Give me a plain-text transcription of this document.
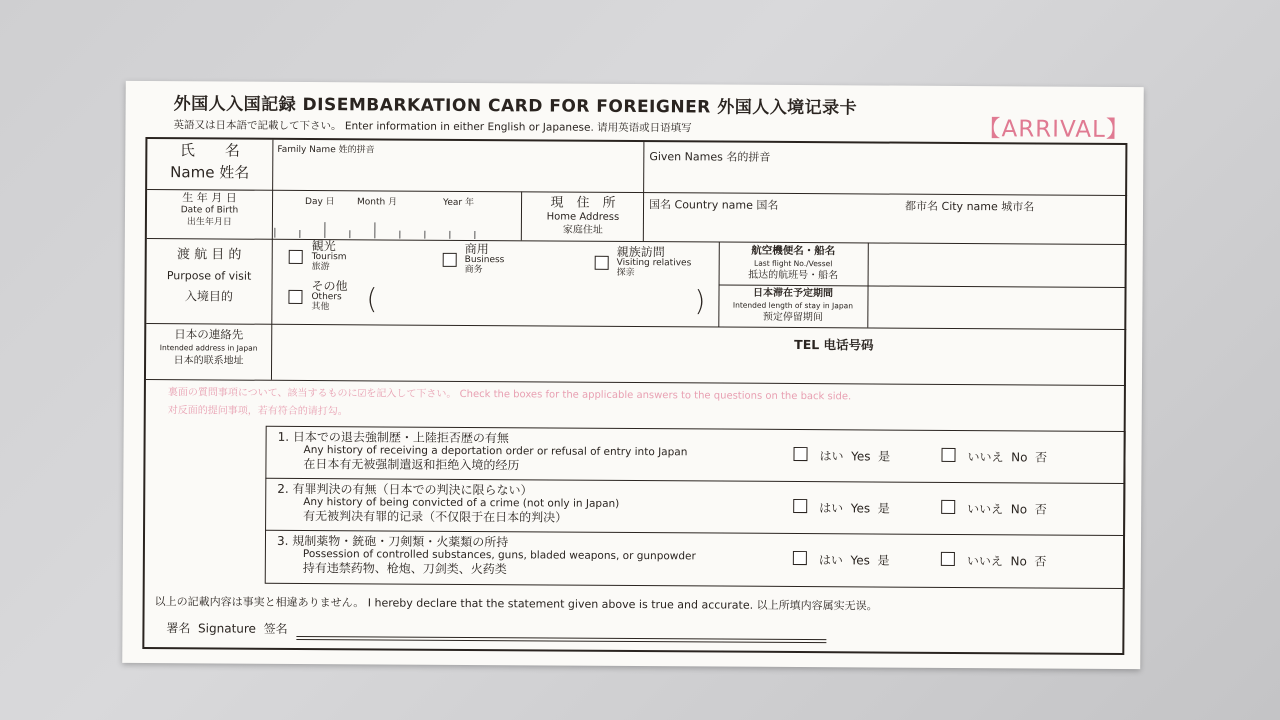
外国人入国記録 DISEMBARKATION CARD FOR FOREIGNER 外国人入境记录卡
英語又は日本語で記載して下さい。 Enter information in either English or Japanese. 请用英语或日语填写	【ARRIVAL】
氏　　名
Name 姓名
Family Name 姓的拼音	Given Names 名的拼音
生 年 月 日
Date of Birth
出生年月日
Day 日 Month 月	Year 年	現　住　所
Home Address
家庭住址
国名 Country name 国名	都市名 City name 城市名
渡 航 目 的
Purpose of visit
入境目的
観光
Tourism
旅游
商用
Business
商务
親族訪問
Visiting relatives
探亲
その他
Others
其他	(	)
航空機便名・船名
Last flight No./Vessel
抵达的航班号・船名
日本滞在予定期間
Intended length of stay in Japan
预定停留期间
日本の連絡先
Intended address in Japan
日本的联系地址
TEL 电话号码
裏面の質問事項について、該当するものに☑を記入して下さい。 Check the boxes for the applicable answers to the questions on the back side.
对反面的提问事项，若有符合的请打勾。
1. 日本での退去強制歴・上陸拒否歴の有無
Any history of receiving a deportation order or refusal of entry into Japan
在日本有无被强制遣返和拒绝入境的经历
はい  Yes  是	いいえ  No  否
2. 有罪判決の有無（日本での判決に限らない）
Any history of being convicted of a crime (not only in Japan)
有无被判决有罪的记录（不仅限于在日本的判决）
はい  Yes  是	いいえ  No  否
3. 規制薬物・銃砲・刀剣類・火薬類の所持
Possession of controlled substances, guns, bladed weapons, or gunpowder
持有违禁药物、枪炮、刀剑类、火药类
はい  Yes  是	いいえ  No  否
以上の記載内容は事実と相違ありません。 I hereby declare that the statement given above is true and accurate. 以上所填内容属实无误。
署名  Signature  签名
